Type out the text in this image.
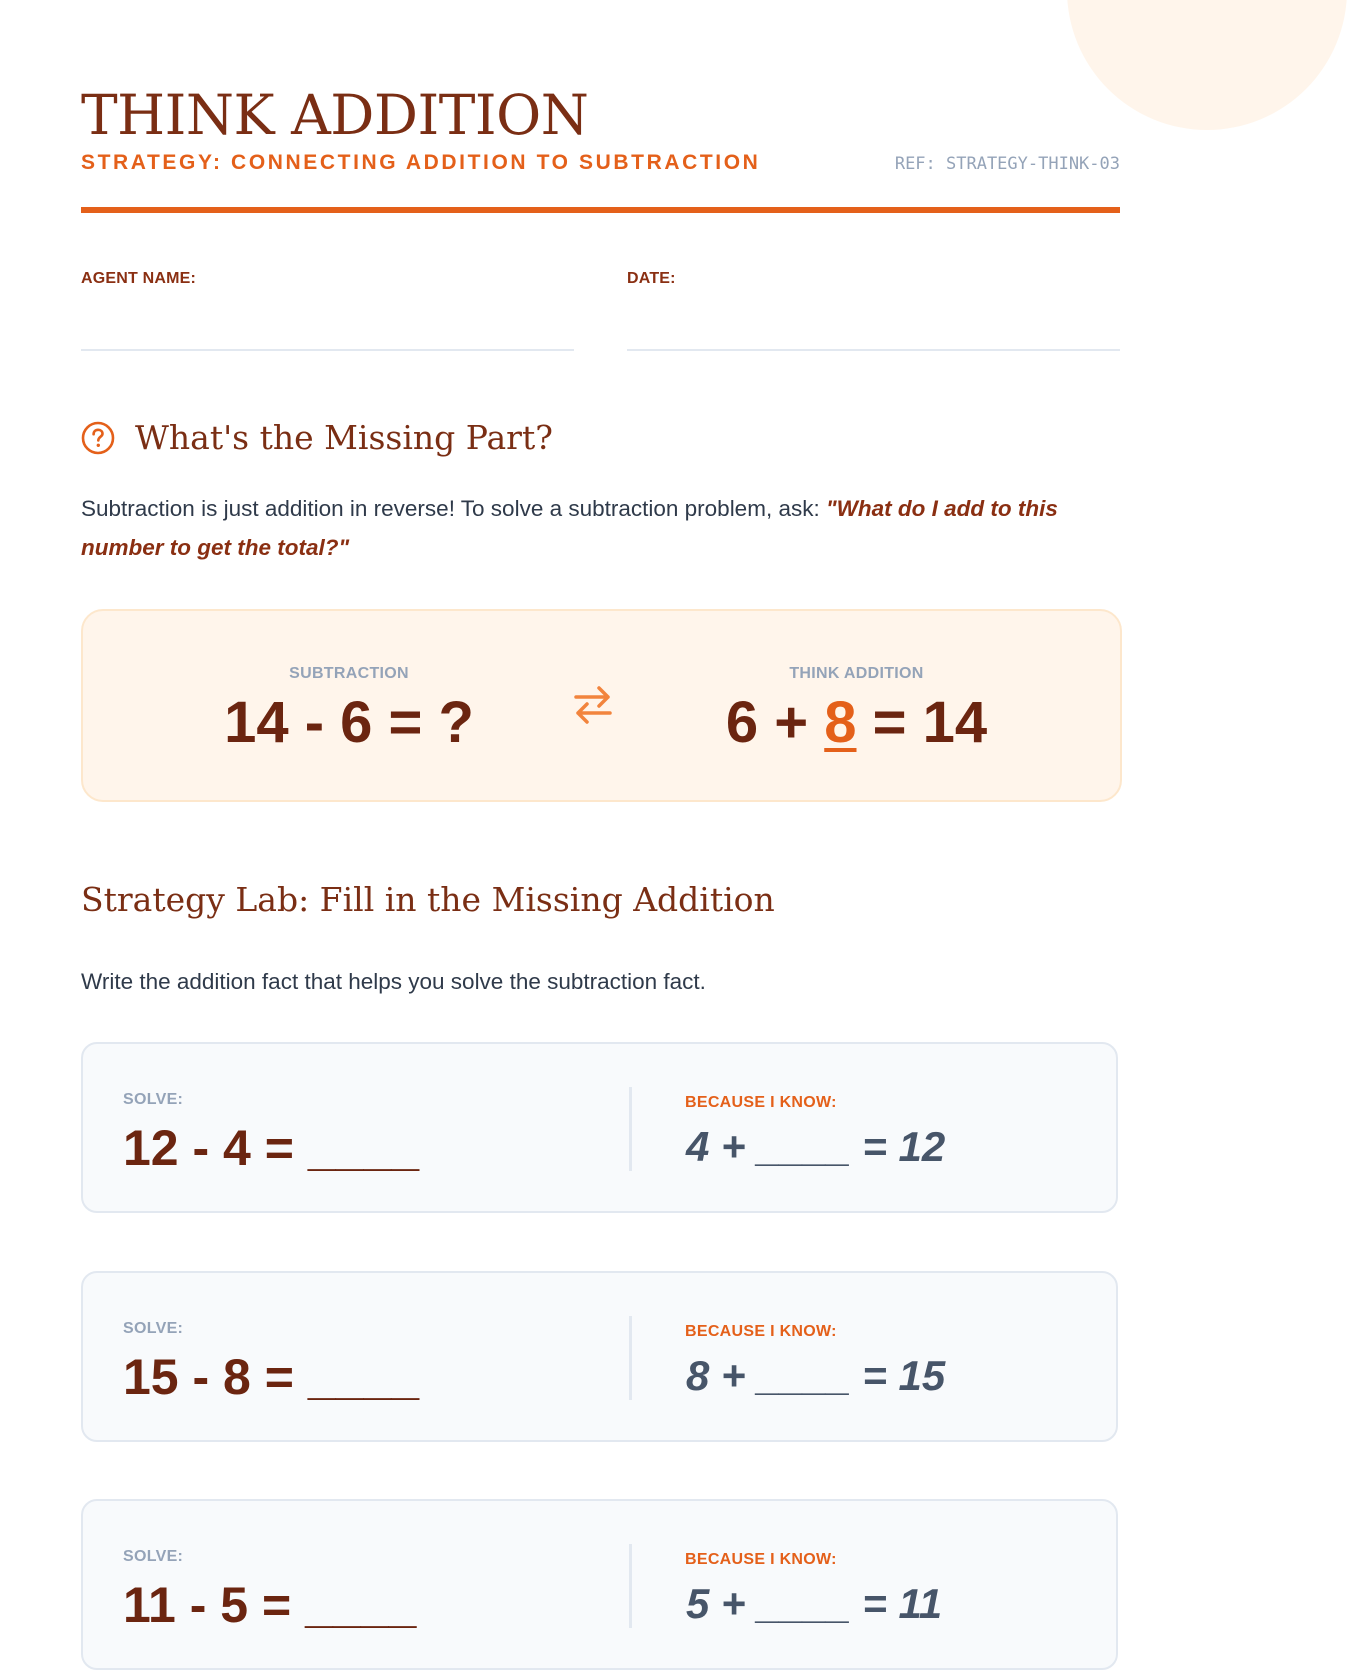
THINK ADDITION
STRATEGY: CONNECTING ADDITION TO SUBTRACTION	REF: STRATEGY-THINK-03
AGENT NAME:	DATE:
What's the Missing Part?
Subtraction is just addition in reverse! To solve a subtraction problem, ask: "What do I add to this number to get the total?"
SUBTRACTION
14 - 6 = ?
THINK ADDITION
6 + 8 = 14
Strategy Lab: Fill in the Missing Addition
Write the addition fact that helps you solve the subtraction fact.
SOLVE:
12 - 4 = ____
BECAUSE I KNOW:
4 + ____ = 12
SOLVE:
15 - 8 = ____
BECAUSE I KNOW:
8 + ____ = 15
SOLVE:
11 - 5 = ____
BECAUSE I KNOW:
5 + ____ = 11
